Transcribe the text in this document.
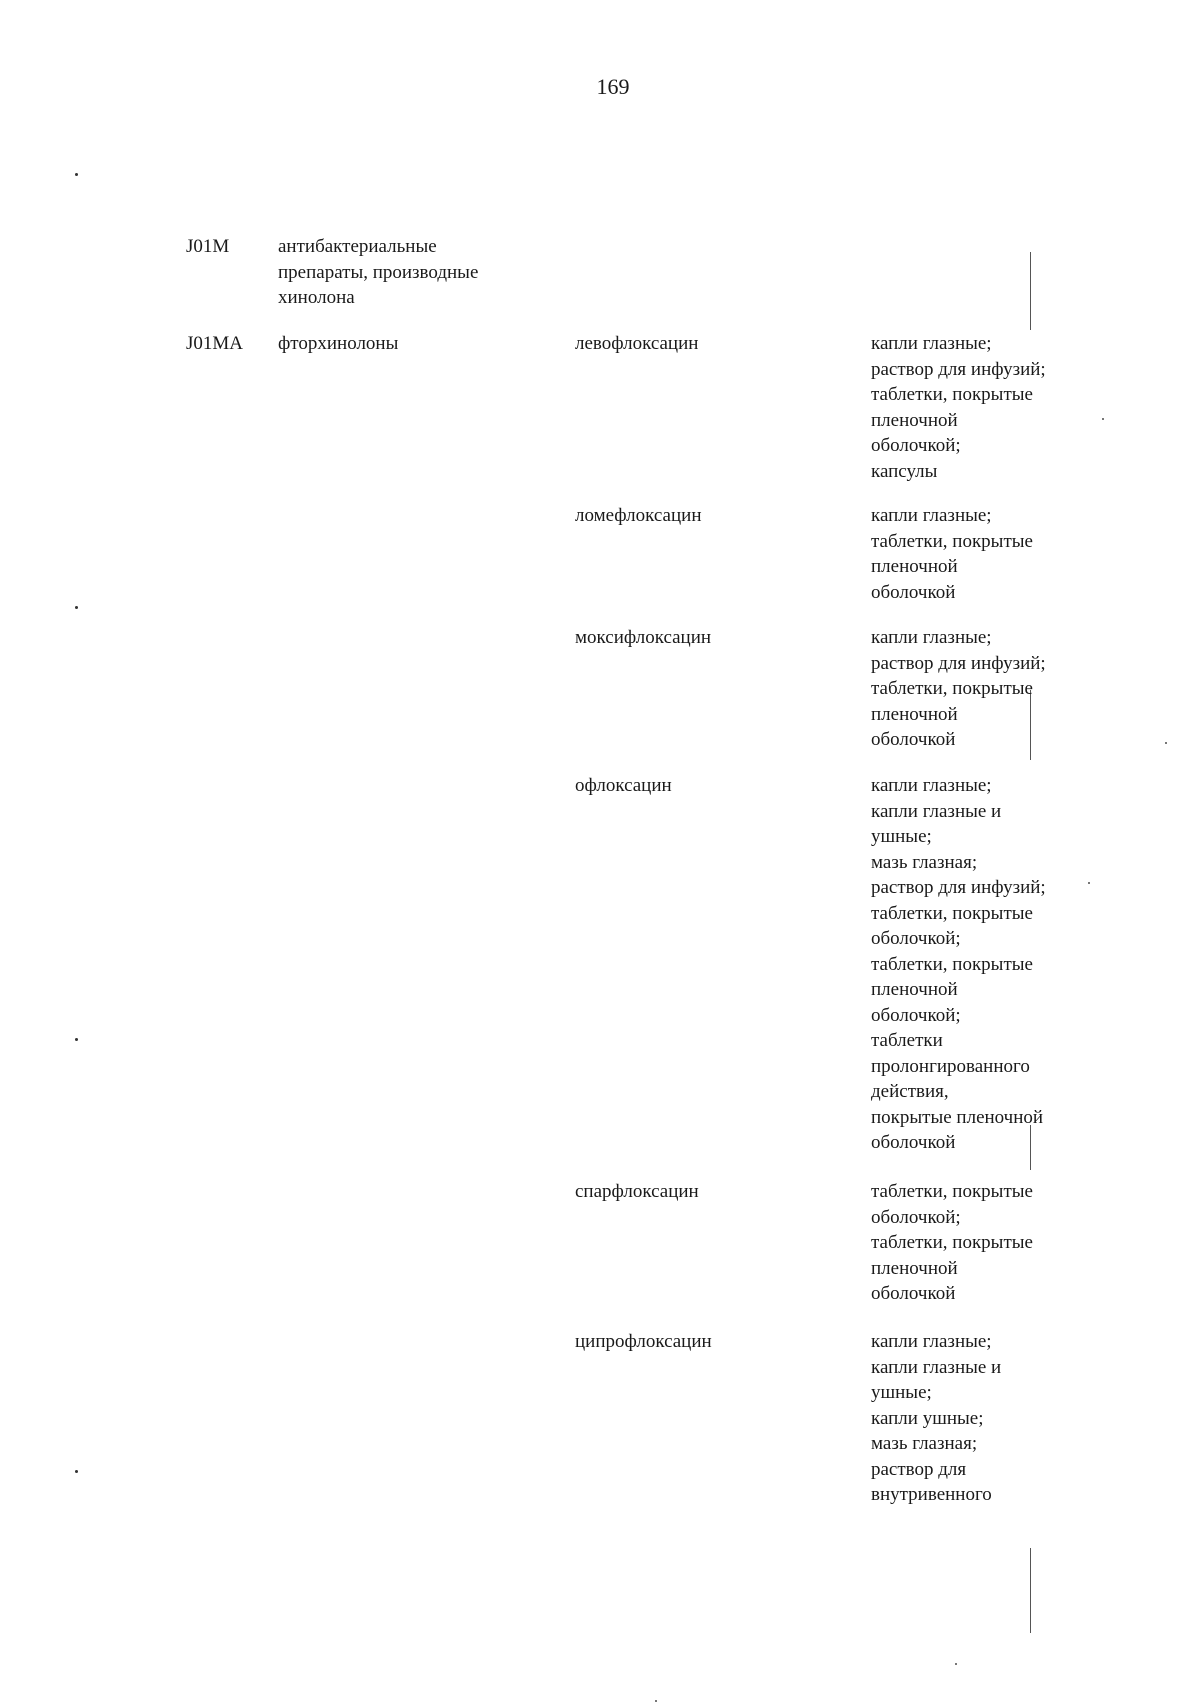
169
J01M	антибактериальные
препараты, производные
хинолона
J01MA фторхинолоны	левофлоксацин	капли глазные;
раствор для инфузий;
таблетки, покрытые
пленочной
оболочкой;
капсулы
ломефлоксацин	капли глазные;
таблетки, покрытые
пленочной
оболочкой
моксифлоксацин	капли глазные;
раствор для инфузий;
таблетки, покрытые
пленочной
оболочкой
офлоксацин	капли глазные;
капли глазные и
ушные;
мазь глазная;
раствор для инфузий;
таблетки, покрытые
оболочкой;
таблетки, покрытые
пленочной
оболочкой;
таблетки
пролонгированного
действия,
покрытые пленочной
оболочкой
спарфлоксацин	таблетки, покрытые
оболочкой;
таблетки, покрытые
пленочной
оболочкой
ципрофлоксацин	капли глазные;
капли глазные и
ушные;
капли ушные;
мазь глазная;
раствор для
внутривенного
